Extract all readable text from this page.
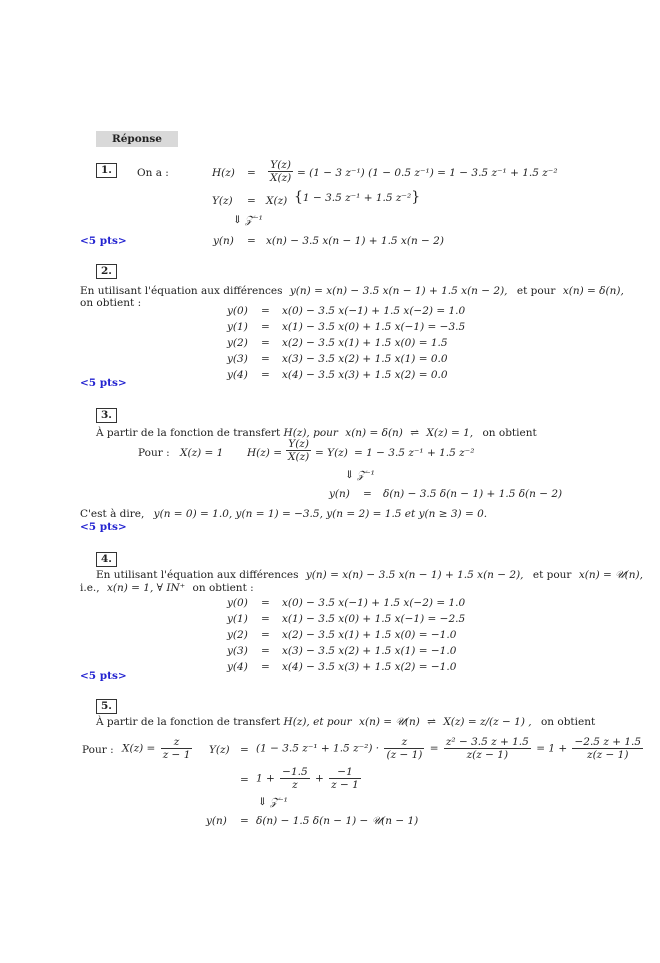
Réponse
1.	On a :	$H(z) = \frac{Y(z)}{X(z)} = (1 - 3$ z⁻¹) (1 − 0.5 z⁻¹) = 1 − 3.5 z⁻¹ + 1.5 z⁻²
Y(z) = X(z) {1 − 3.5 z⁻¹ + 1.5 z⁻²}
⇓ 𝒵⁻¹
<5 pts>	y(n) = x(n) − 3.5 x(n − 1) + 1.5 x(n − 2)
2.
En utilisant l'équation aux différences y(n) = x(n) − 3.5 x(n − 1) + 1.5 x(n − 2), et pour x(n) = δ(n),
on obtient :
y(0) = x(0) − 3.5 x(−1) + 1.5 x(−2) = 1.0
y(1) = x(1) − 3.5 x(0) + 1.5 x(−1) = −3.5
y(2) = x(2) − 3.5 x(1) + 1.5 x(0) = 1.5
y(3) = x(3) − 3.5 x(2) + 1.5 x(1) = 0.0
y(4) = x(4) − 3.5 x(3) + 1.5 x(2) = 0.0
<5 pts>
3.
À partir de la fonction de transfert H(z), pour x(n) = δ(n) ⇌ X(z) = 1, on obtient
Pour : X(z) = 1 $H(z) = \frac{Y(z)}{X(z)} = Y(z) = 1 - 3.5$ z⁻¹ + 1.5 z⁻²
⇓ 𝒵⁻¹
y(n) = δ(n) − 3.5 δ(n − 1) + 1.5 δ(n − 2)
C'est à dire, y(n = 0) = 1.0, y(n = 1) = −3.5, y(n = 2) = 1.5 et y(n ≥ 3) = 0.
<5 pts>
4.
En utilisant l'équation aux différences y(n) = x(n) − 3.5 x(n − 1) + 1.5 x(n − 2), et pour x(n) = 𝒰(n),
i.e., x(n) = 1, ∀ IN⁺ on obtient :
y(0) = x(0) − 3.5 x(−1) + 1.5 x(−2) = 1.0
y(1) = x(1) − 3.5 x(0) + 1.5 x(−1) = −2.5
y(2) = x(2) − 3.5 x(1) + 1.5 x(0) = −1.0
y(3) = x(3) − 3.5 x(2) + 1.5 x(1) = −1.0
y(4) = x(4) − 3.5 x(3) + 1.5 x(2) = −1.0
<5 pts>
5.
À partir de la fonction de transfert H(z), et pour x(n) = 𝒰(n) ⇌ X(z) = z/(z − 1) , on obtient
Pour : $X(z) = \frac{z}{z - 1} Y(z) = (1 - 3.5$ z⁻¹ + 1.5 $z^{-2}) \cdot \frac{z}{(z - 1)} = \frac{\text{z² − 3.5 z + 1.5}}{z(z - 1)} = 1 + \frac{-2.5 z + 1.5}{z(z - 1)}$
= $1 + \frac{-1.5}{z} + \frac{-1}{z - 1}$
⇓ 𝒵⁻¹
y(n) = δ(n) − 1.5 δ(n − 1) − 𝒰(n − 1)
